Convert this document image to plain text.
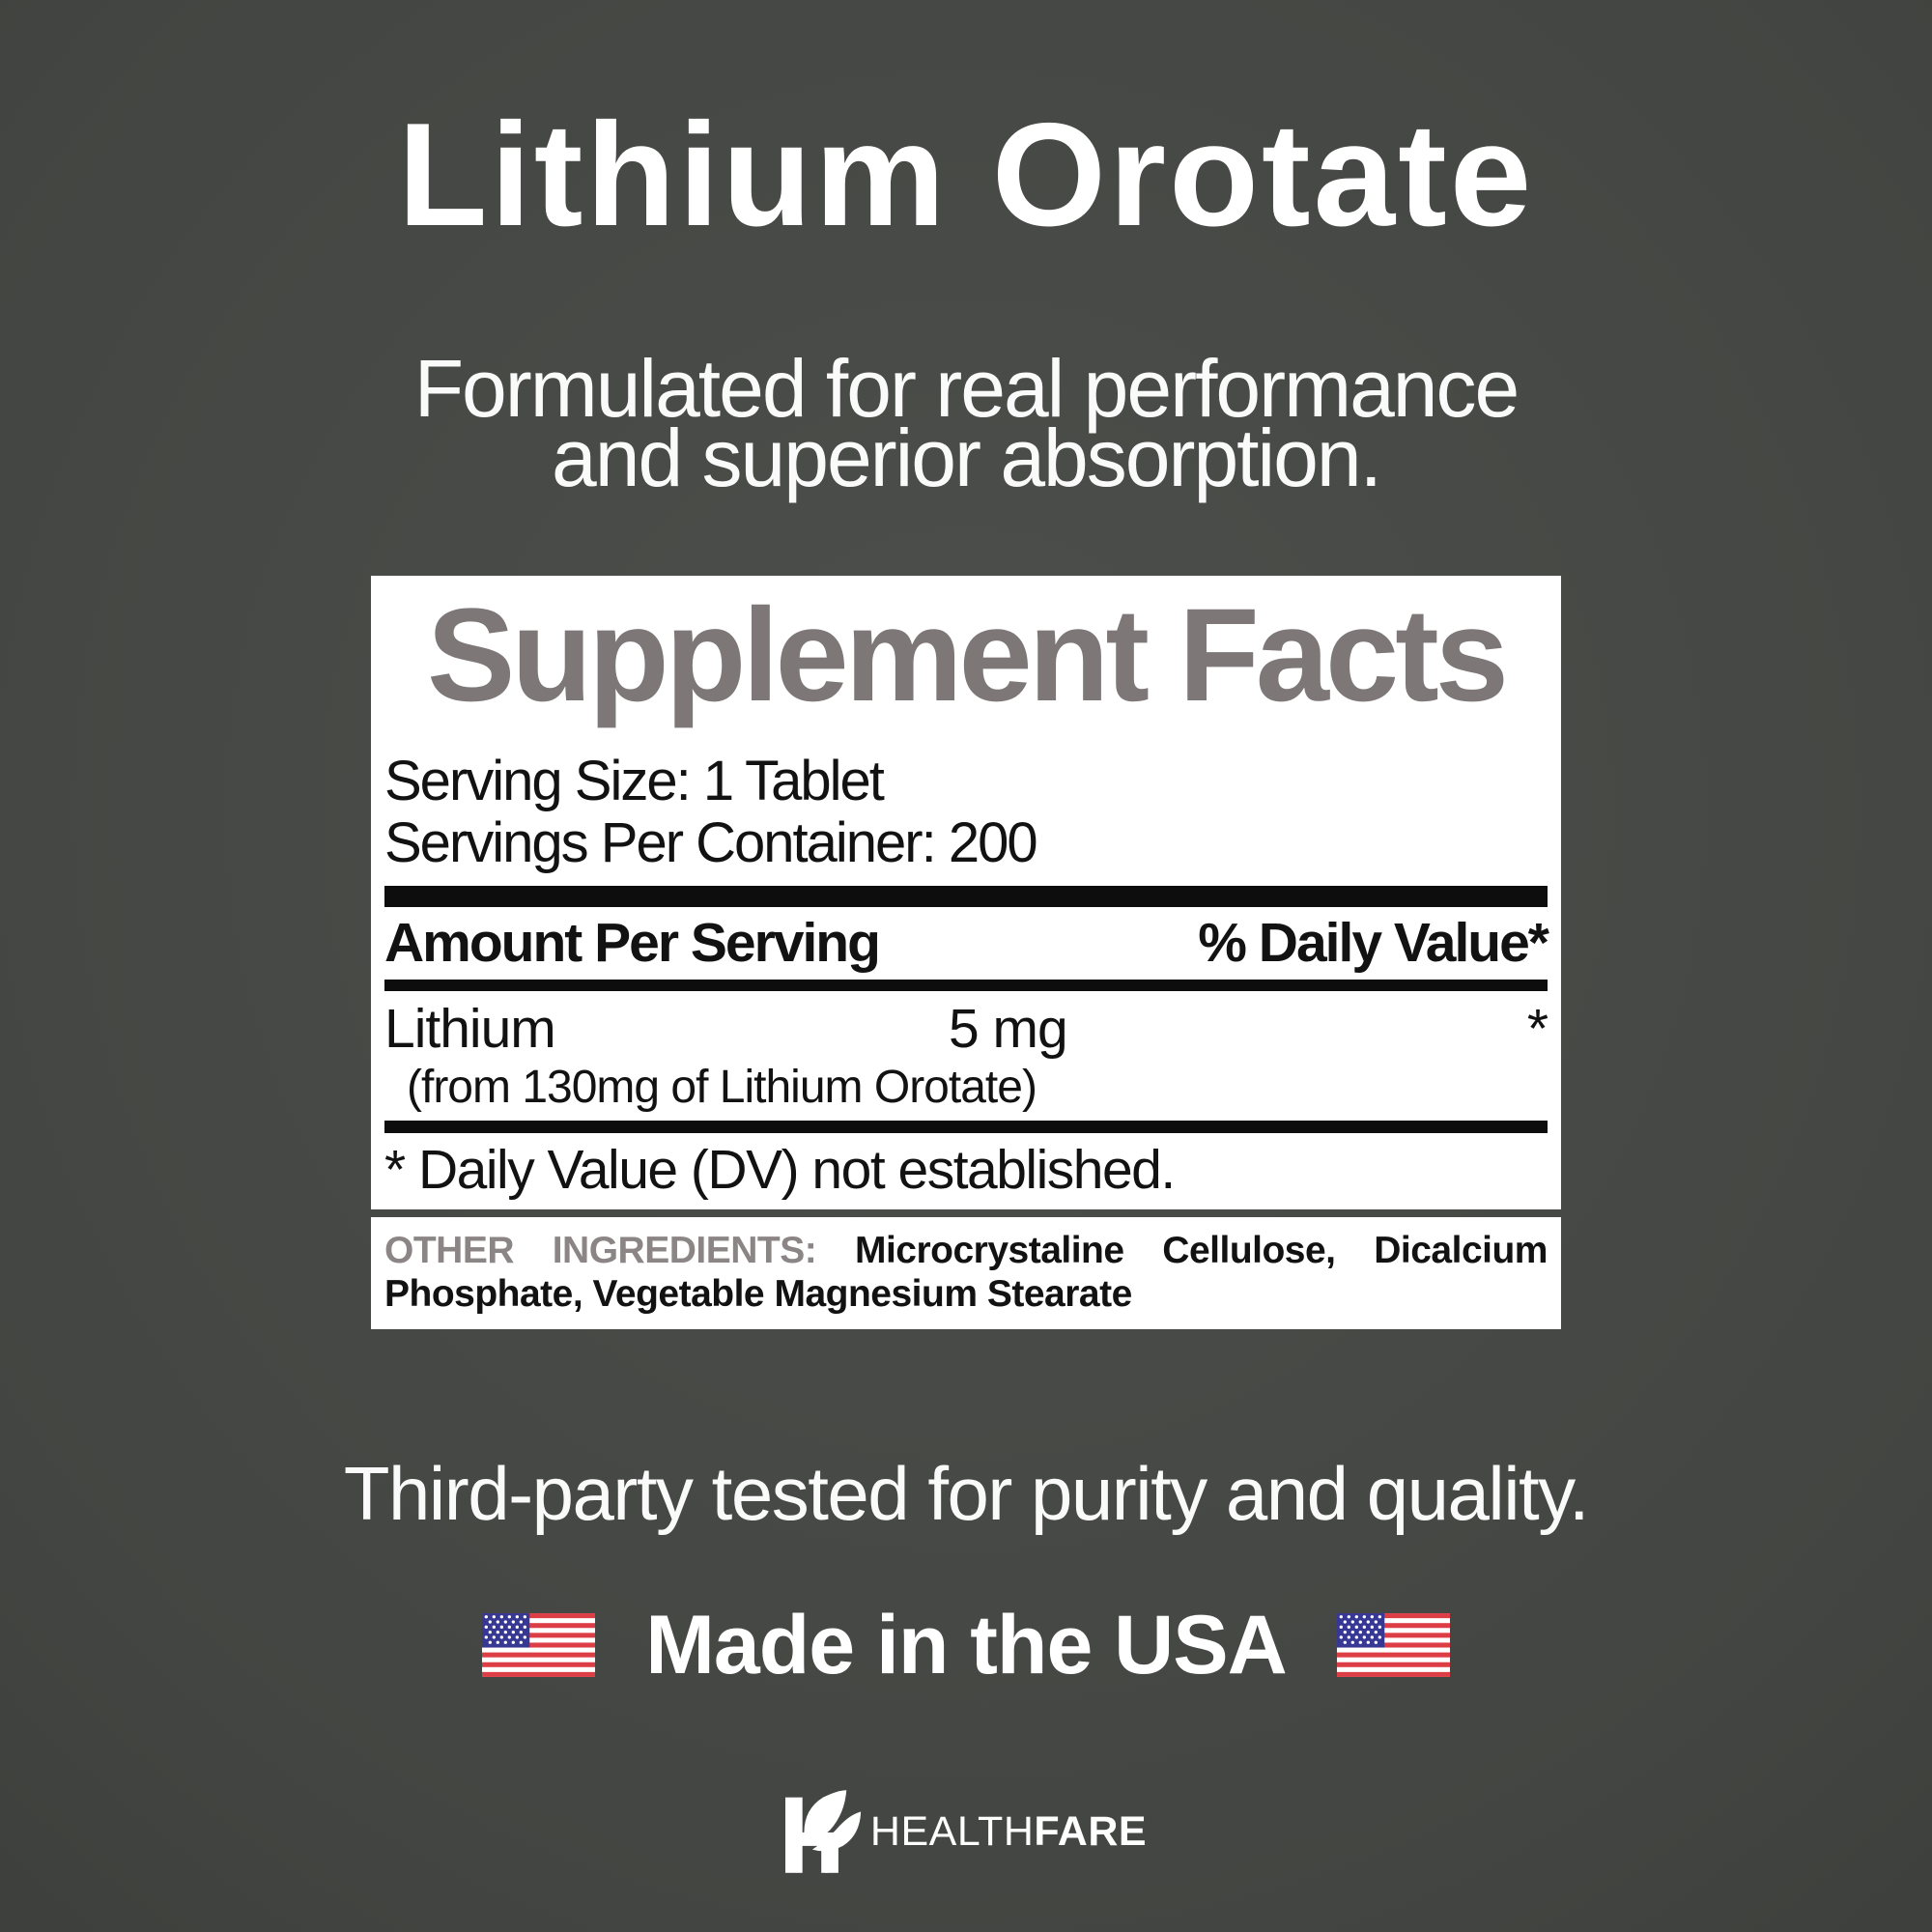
Lithium Orotate
Formulated for real performance
and superior absorption.
Supplement Facts
Serving Size: 1 Tablet
Servings Per Container: 200
Amount Per Serving	% Daily Value*
Lithium	5 mg	*
(from 130mg of Lithium Orotate)
* Daily Value (DV) not established.

OTHER INGREDIENTS: Microcrystaline Cellulose, Dicalcium Phosphate, Vegetable Magnesium Stearate

Third-party tested for purity and quality.
Made in the USA
HEALTHFARE
